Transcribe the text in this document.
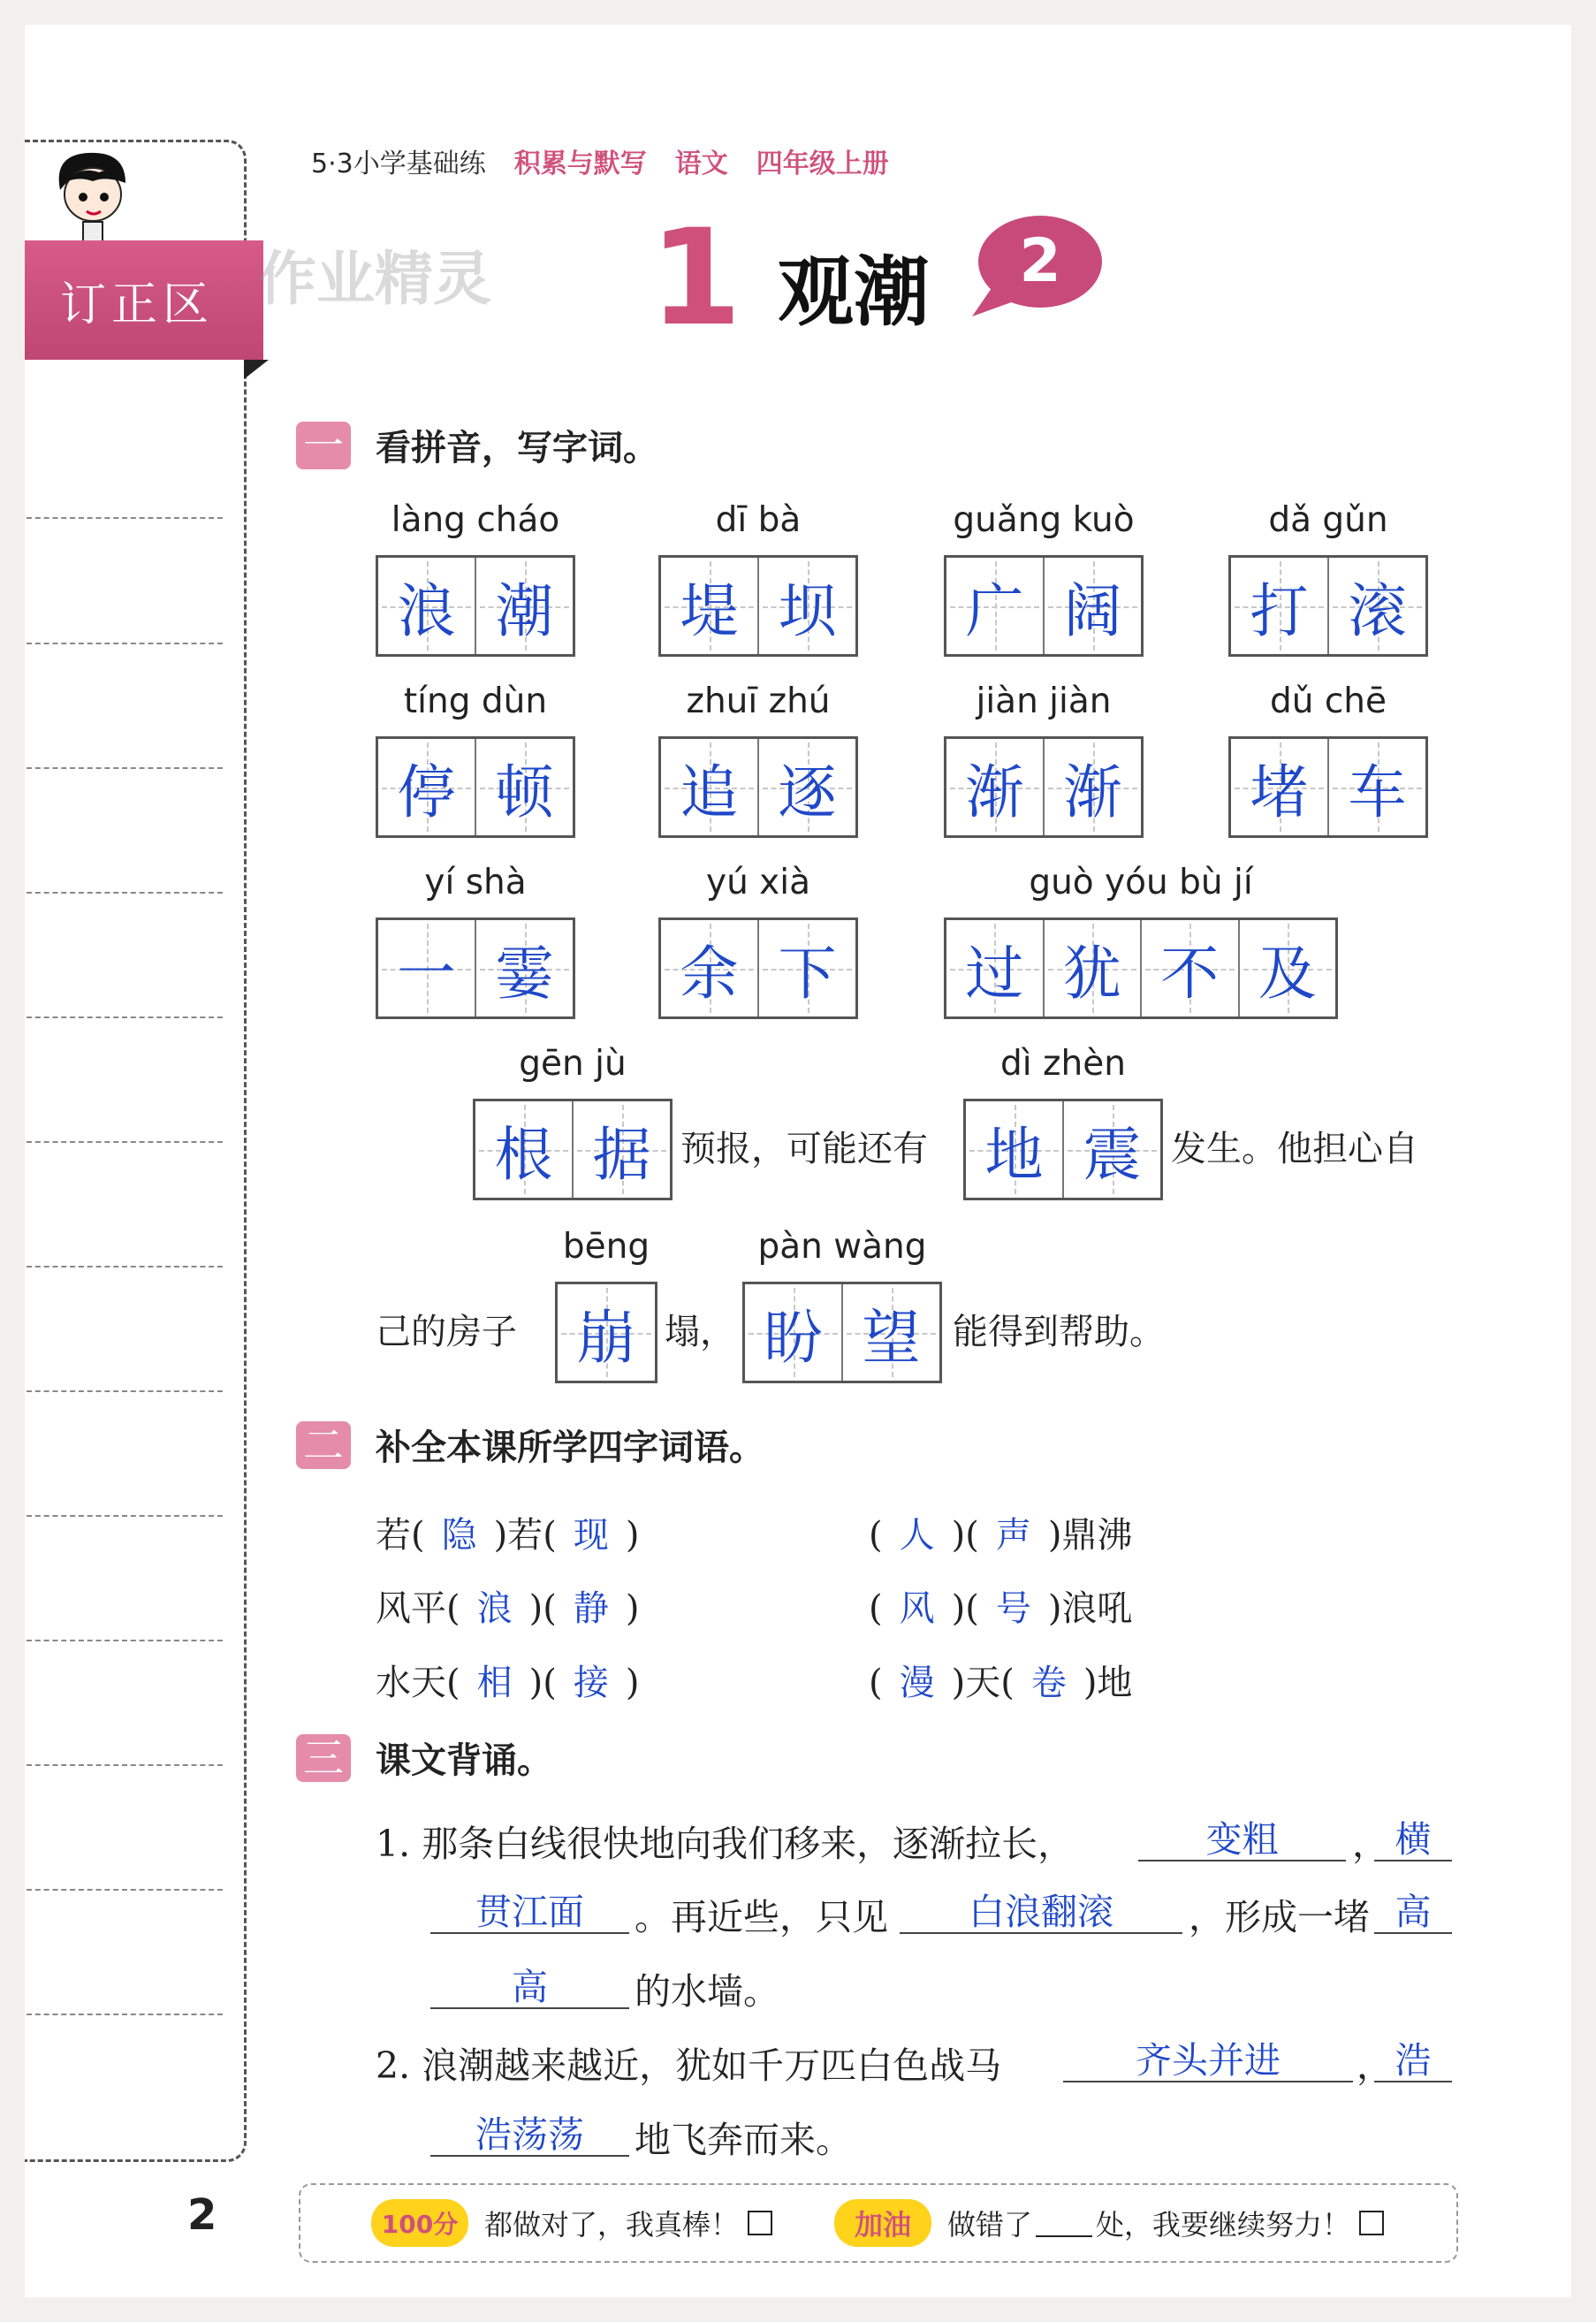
订正区 作业精灵
5·3小学基础练 积累与默写 语文 四年级上册
1 观潮 2
一 看拼音，写字词。
làng cháo
浪 潮
dī bà
堤 坝
guǎng kuò
广 阔
dǎ gǔn
打 滚
tíng dùn
停 顿
zhuī zhú
追 逐
jiàn jiàn
渐 渐
dǔ chē
堵 车
yí shà
一 霎
yú xià
余 下
guò yóu bù jí
过 犹 不 及
gēn jù
根 据
dì zhèn
地 震
bēng
崩
pàn wàng
盼 望
预报，可能还有	发生。他担心自
己的房子	塌，	能得到帮助。
二 补全本课所学四字词语。
若( 隐 )若( 现 )	( 人 )( 声 )鼎沸
风平( 浪 )( 静 )	( 风 )( 号 )浪吼
水天( 相 )( 接 )	( 漫 )天( 卷 )地
三 课文背诵。
1. 那条白线很快地向我们移来，逐渐拉长，	变粗	， 横
贯江面	。再近些，只见	白浪翻滚	，形成一堵 高
高	的水墙。
2. 浪潮越来越近，犹如千万匹白色战马	齐头并进	， 浩
浩荡荡	地飞奔而来。
2	100分 都做对了，我真棒！	加油	做错了 处，我要继续努力！
